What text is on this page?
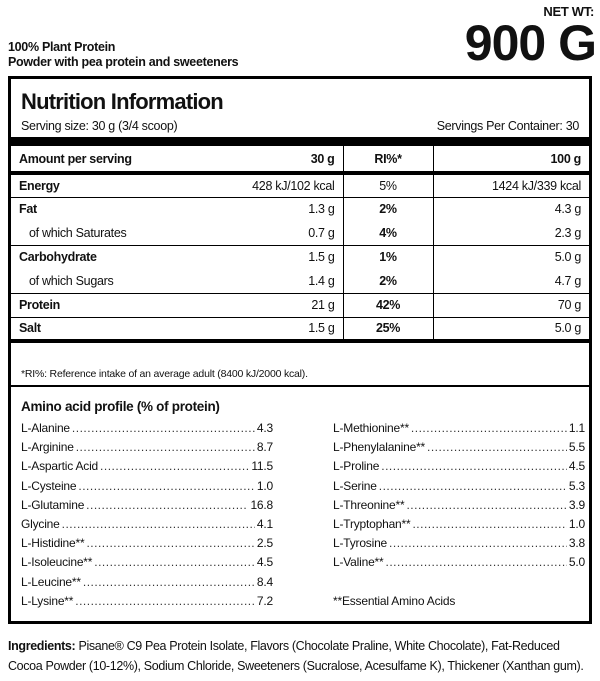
NET WT:
900 G
100% Plant Protein
Powder with pea protein and sweeteners
Nutrition Information
Serving size: 30 g (3/4 scoop)	Servings Per Container: 30
Amount per serving	30 g	RI%*	100 g
Energy	428 kJ/102 kcal	5%	1424 kJ/339 kcal
Fat	1.3 g	2%	4.3 g
of which Saturates	0.7 g	4%	2.3 g
Carbohydrate	1.5 g	1%	5.0 g
of which Sugars	1.4 g	2%	4.7 g
Protein	21 g	42%	70 g
Salt	1.5 g	25%	5.0 g
*RI%: Reference intake of an average adult (8400 kJ/2000 kcal).
Amino acid profile (% of protein)
L-Alanine .....	4.3
L-Arginine .....	8.7
L-Aspartic Acid .....	11.5
L-Cysteine .....	1.0
L-Glutamine .....	16.8
Glycine .....	4.1
L-Histidine** .....	2.5
L-Isoleucine** .....	4.5
L-Leucine** .....	8.4
L-Lysine** .....	7.2
L-Methionine** .....	1.1
L-Phenylalanine** .....	5.5
L-Proline .....	4.5
L-Serine .....	5.3
L-Threonine** .....	3.9
L-Tryptophan** .....	1.0
L-Tyrosine .....	3.8
L-Valine** .....	5.0
**Essential Amino Acids
Ingredients: Pisane® C9 Pea Protein Isolate, Flavors (Chocolate Praline, White Chocolate), Fat-Reduced Cocoa Powder (10-12%), Sodium Chloride, Sweeteners (Sucralose, Acesulfame K), Thickener (Xanthan gum).
